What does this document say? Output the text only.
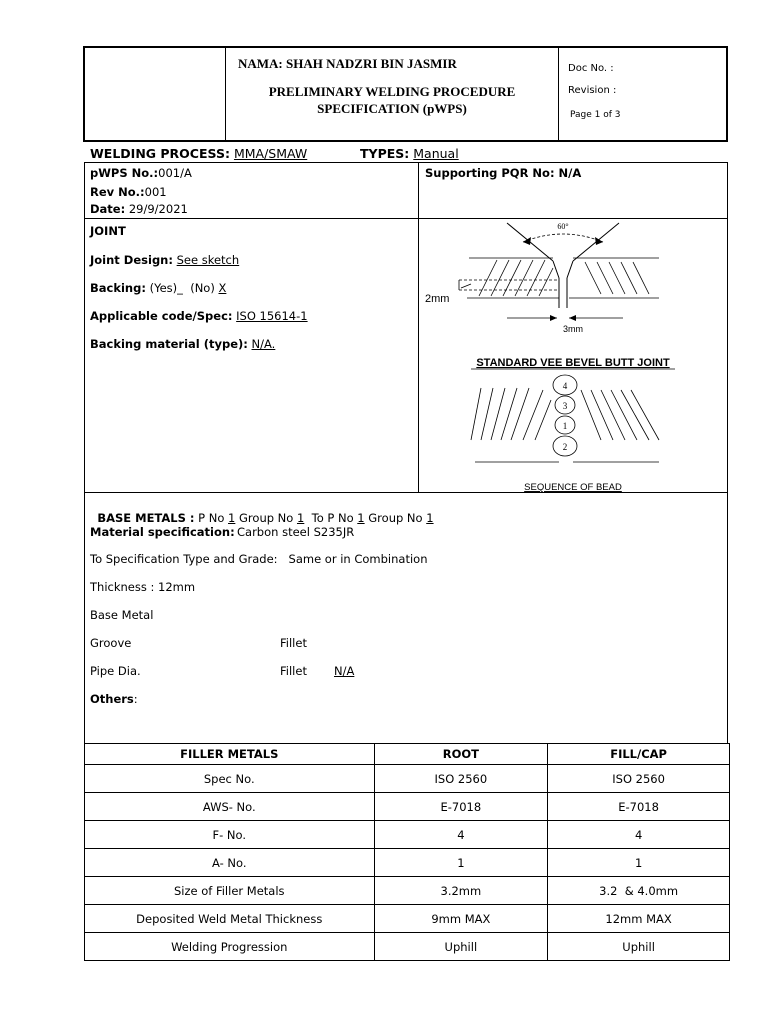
NAMA: SHAH NADZRI BIN JASMIR
PRELIMINARY WELDING PROCEDURE
SPECIFICATION (pWPS)
Doc No. :
Revision :
Page 1 of 3
WELDING PROCESS: MMA/SMAW	TYPES: Manual
pWPS No.:001/A
Rev No.:001
Date: 29/9/2021
Supporting PQR No: N/A
JOINT
Joint Design: See sketch
Backing: (Yes)_  (No) X
Applicable code/Spec: ISO 15614-1
Backing material (type): N/A.
60°
2mm
3mm
STANDARD VEE BEVEL BUTT JOINT
4
3
1
2
SEQUENCE OF BEAD

BASE METALS : P No 1 Group No 1  To P No 1 Group No 1

Material specification: Carbon steel S235JR
To Specification Type and Grade:   Same or in Combination
Thickness : 12mm
Base Metal
Groove	Fillet
Pipe Dia.	Fillet N/A
Others:
FILLER METALS	ROOT	FILL/CAP
Spec No.	ISO 2560	ISO 2560
AWS- No.	E-7018	E-7018
F- No.	4	4
A- No.	1	1
Size of Filler Metals	3.2mm	3.2  & 4.0mm
Deposited Weld Metal Thickness	9mm MAX	12mm MAX
Welding Progression	Uphill	Uphill
